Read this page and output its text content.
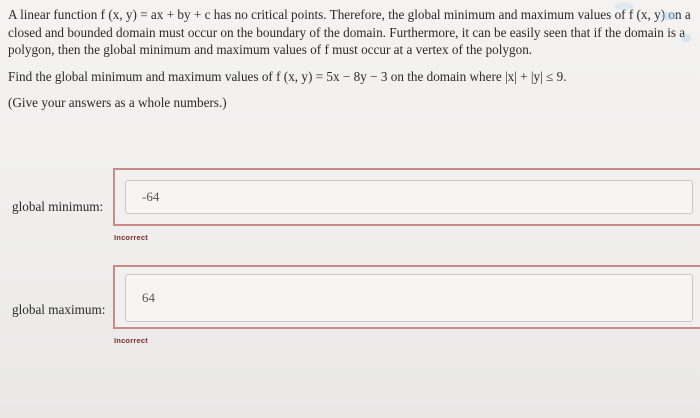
A linear function f (x, y) = ax + by + c has no critical points. Therefore, the global minimum and maximum values of f (x, y) on a closed and bounded domain must occur on the boundary of the domain. Furthermore, it can be easily seen that if the domain is a polygon, then the global minimum and maximum values of f must occur at a vertex of the polygon.

Find the global minimum and maximum values of f (x, y) = 5x − 8y − 3 on the domain where |x| + |y| ≤ 9.

(Give your answers as a whole numbers.)

global minimum:
-64
Incorrect
global maximum:
64
Incorrect
